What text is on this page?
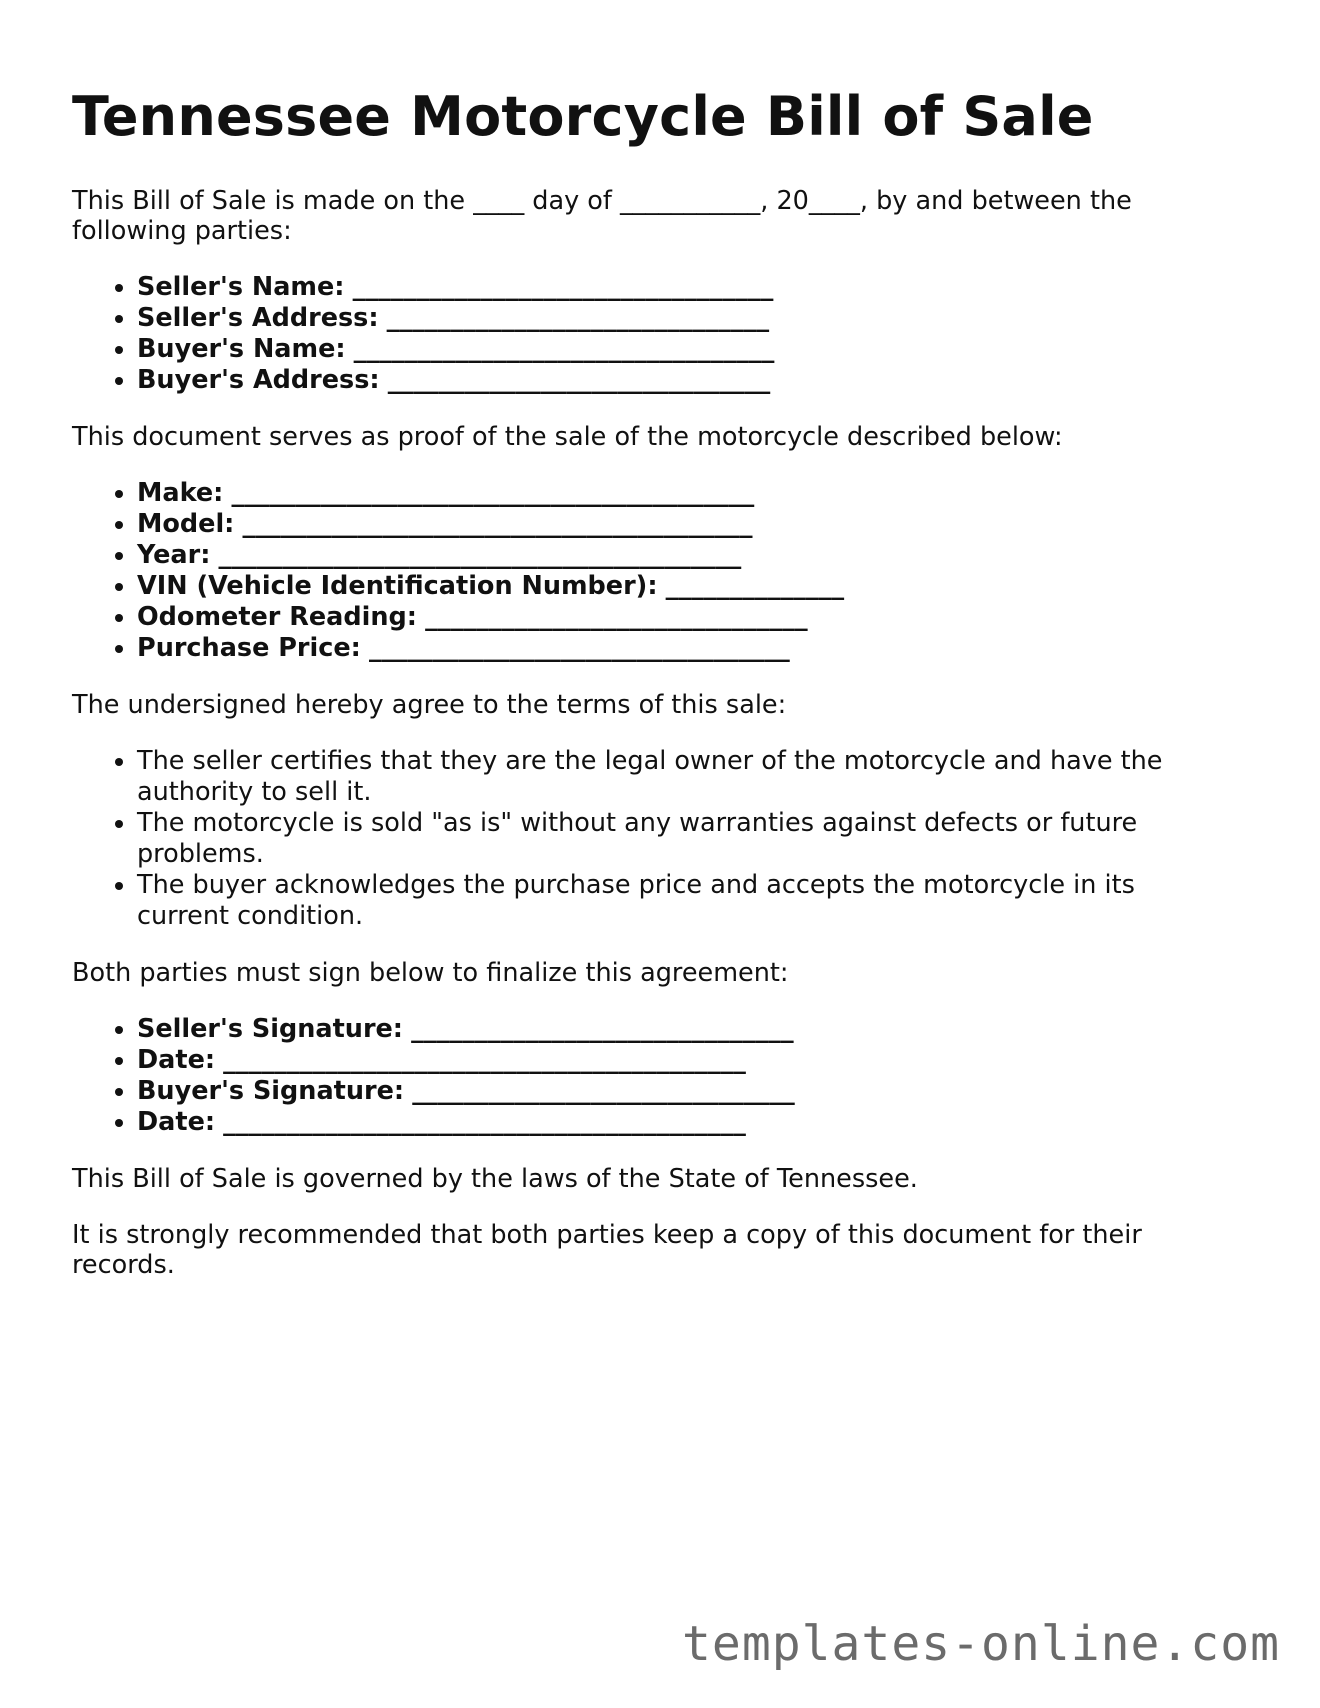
Tennessee Motorcycle Bill of Sale

This Bill of Sale is made on the ____ day of ___________, 20____, by and between the following parties:

• Seller's Name: _________________________________
• Seller's Address: ______________________________
• Buyer's Name: _________________________________
• Buyer's Address: ______________________________

This document serves as proof of the sale of the motorcycle described below:

• Make: _________________________________________
• Model: ________________________________________
• Year: _________________________________________
• VIN (Vehicle Identification Number): ______________
• Odometer Reading: ______________________________
• Purchase Price: _________________________________

The undersigned hereby agree to the terms of this sale:

• The seller certifies that they are the legal owner of the motorcycle and have the authority to sell it.
• The motorcycle is sold "as is" without any warranties against defects or future problems.
• The buyer acknowledges the purchase price and accepts the motorcycle in its current condition.

Both parties must sign below to finalize this agreement:

• Seller's Signature: ______________________________
• Date: _________________________________________
• Buyer's Signature: ______________________________
• Date: _________________________________________

This Bill of Sale is governed by the laws of the State of Tennessee.

It is strongly recommended that both parties keep a copy of this document for their records.

templates-online.com
